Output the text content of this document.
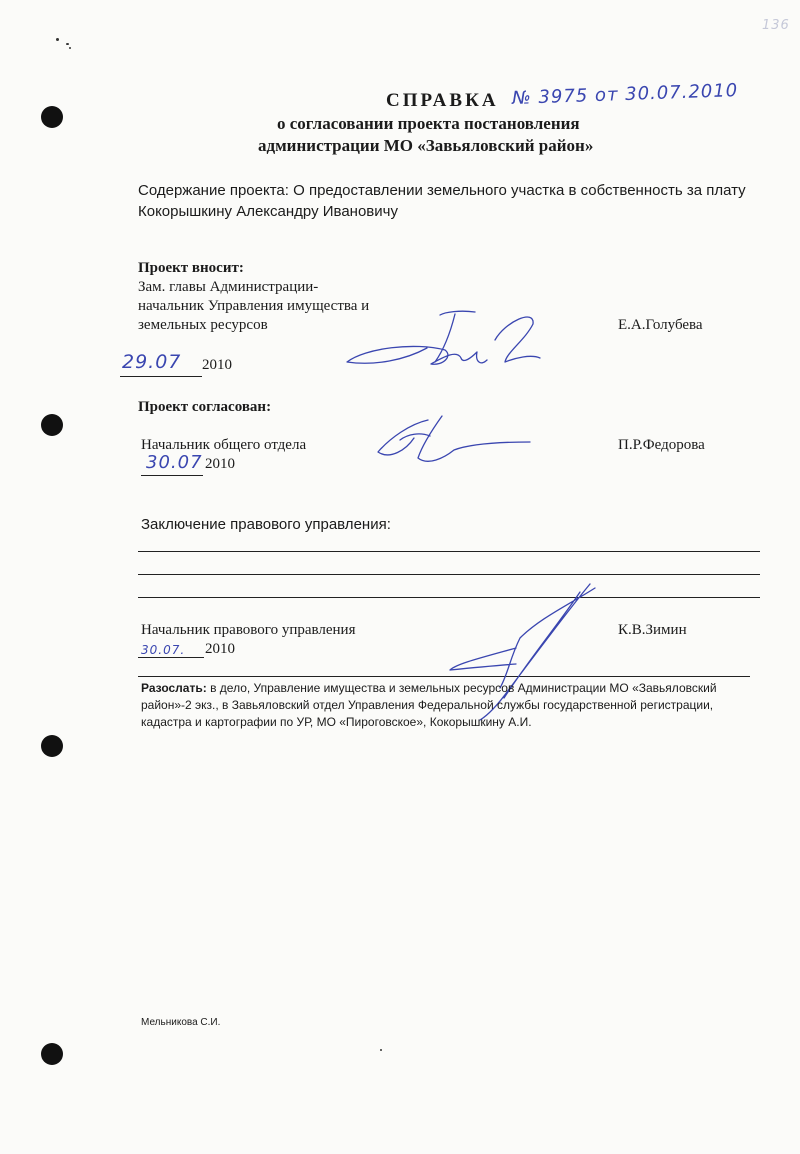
136
СПРАВКА № 3975 от 30.07.2010
о согласовании проекта постановления
администрации МО «Завьяловский район»
Содержание проекта: О предоставлении земельного участка в собственность за плату
Кокорышкину Александру Ивановичу
Проект вносит:
Зам. главы Администрации-
начальник Управления имущества и
земельных ресурсов	Е.А.Голубева
29.07 2010
Проект согласован:
Начальник общего отдела	П.Р.Федорова
30.07 2010
Заключение правового управления:
Начальник правового управления	К.В.Зимин
30.07. 2010
Разослать: в дело, Управление имущества и земельных ресурсов Администрации МО «Завьяловский
район»-2 экз., в Завьяловский отдел Управления Федеральной службы государственной регистрации,
кадастра и картографии по УР, МО «Пироговское», Кокорышкину А.И.
Мельникова С.И.
